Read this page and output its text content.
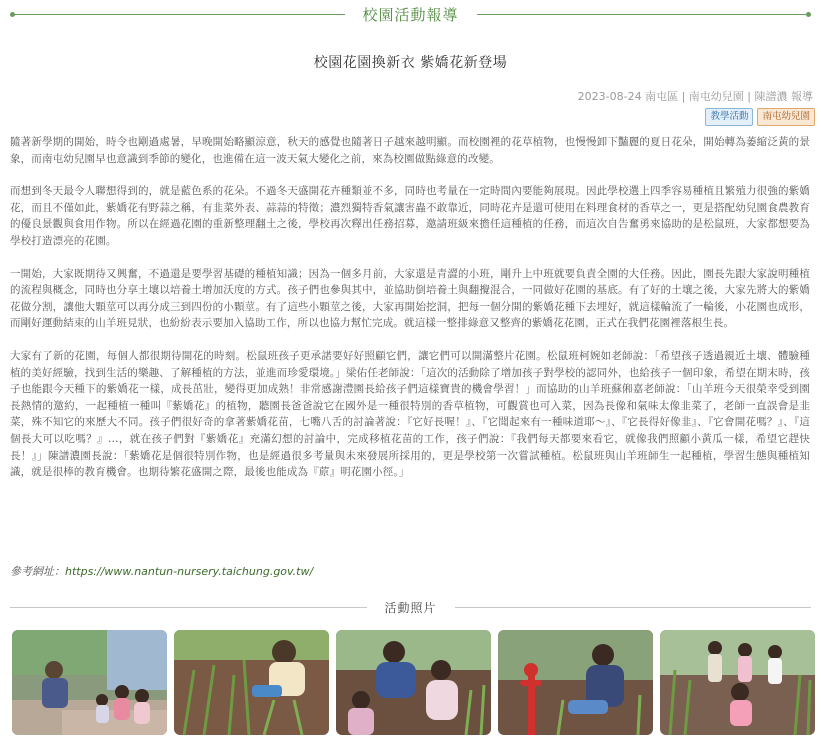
校園活動報導
校園花園換新衣 紫嬌花新登場
2023-08-24 南屯區 | 南屯幼兒園 | 陳譜濃 報導
教學活動	南屯幼兒園

隨著新學期的開始，時令也剛過處暑，早晚開始略顯涼意，秋天的感覺也隨著日子越來越明顯。而校園裡的花草植物，也慢慢卸下豔麗的夏日花朵，開始轉為萎縮泛黃的景象，而南屯幼兒園早也意識到季節的變化，也進備在這一波天氣大變化之前，來為校園做點綠意的改變。

而想到冬天最令人聯想得到的，就是藍色系的花朵。不過冬天盛開花卉種類並不多，同時也考量在一定時間內要能夠展現。因此學校選上四季容易種植且繁殖力很強的紫嬌花，而且不僅如此，紫嬌花有野蒜之稱，有韭菜外表、蒜蒜的特徵；濃烈獨特香氣讓害蟲不敢靠近，同時花卉是還可使用在料理食材的香草之一，更是搭配幼兒園食農教育的優良景觀與食用作物。所以在經過花園的重新整理翻土之後，學校再次釋出任務招募，邀請班級來擔任這種植的任務，而這次自告奮勇來協助的是松鼠班，大家都想要為學校打造漂亮的花園。

一開始，大家既期待又興奮，不過還是要學習基礎的種植知識；因為一個多月前，大家還是青澀的小班，剛升上中班就要負責全園的大任務。因此，園長先跟大家說明種植的流程與概念，同時也分享土壤以培養土增加沃度的方式。孩子們也參與其中，並協助倒培養土與翻攪混合，一同做好花園的基底。有了好的土壤之後，大家先將大的紫嬌花做分割，讓他大顆莖可以再分成三到四份的小顆莖。有了這些小顆莖之後，大家再開始挖洞，把每一個分開的紫嬌花種下去埋好，就這樣輪流了一輪後，小花園也成形，而剛好運動結束的山羊班見狀，也紛紛表示要加入協助工作，所以也協力幫忙完成。就這樣一整排綠意又整齊的紫嬌花花園，正式在我們花園裡落根生長。

大家有了新的花園，每個人都很期待開花的時刻。松鼠班孩子更承諾要好好照顧它們，讓它們可以開滿整片花園。松鼠班柯婉如老師說：「希望孩子透過親近土壤、體驗種植的美好經驗，找到生活的樂趣、了解種植的方法，並進而珍愛環境。」梁佑任老師說：「這次的活動除了增加孩子對學校的認同外，也給孩子一個印象，希望在期末時，孩子也能跟今天種下的紫嬌花一樣，成長茁壯，變得更加成熟！非常感謝澧園長給孩子們這樣寶貴的機會學習！」而協助的山羊班蘇俰嘉老師說：「山羊班今天很榮幸受到園長熱情的邀約，一起種植一種叫『紫嬌花』的植物，聽園長爸爸說它在國外是一種很特別的香草植物，可觀賞也可入菜，因為長像和氣味太像韭菜了，老師一直誤會是韭菜，殊不知它的來歷大不同。孩子們很好奇的拿著紫嬌花苗，七嘴八舌的討論著說：『它好長喔！』、『它聞起來有一種味道耶～』、『它長得好像韭』、『它會開花嗎？』、『這個長大可以吃嗎？』…，就在孩子們對『紫嬌花』充滿幻想的討論中，完成移植花苗的工作，孩子們說：『我們每天都要來看它，就像我們照顧小黃瓜一樣，希望它趕快長！』」陳譜濃園長說：「紫嬌花是個很特別作物，也是經過很多考量與未來發展所採用的，更是學校第一次嘗試種植。松鼠班與山羊班師生一起種植，學習生態與種植知識，就是很棒的教育機會。也期待繁花盛開之際，最後也能成為『蒝』明花園小徑。」

參考網址：https://www.nantun-nursery.taichung.gov.tw/
活動照片
